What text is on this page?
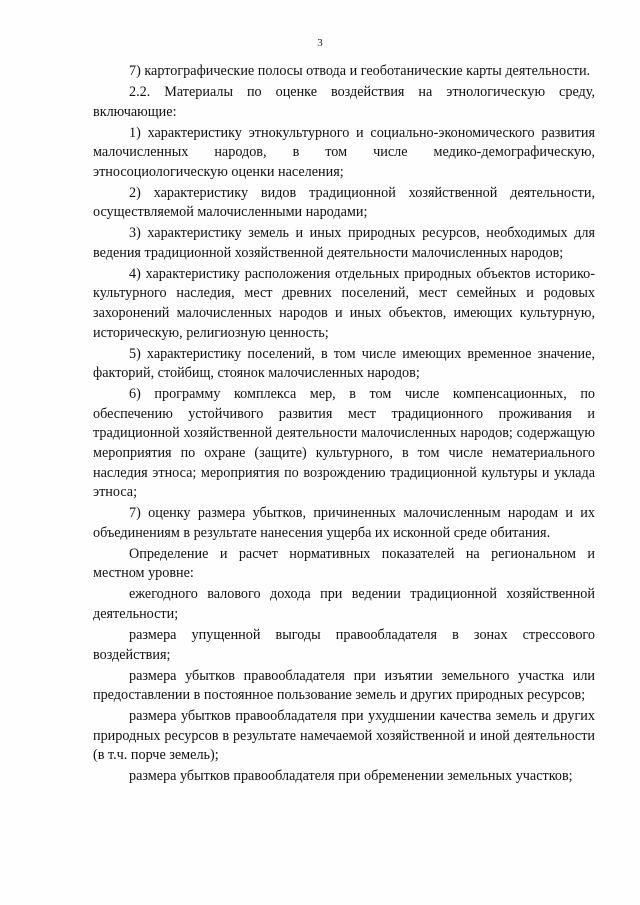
3

7) картографические полосы отвода и геоботанические карты деятельности.

2.2. Материалы по оценке воздействия на этнологическую среду, включающие:

1) характеристику этнокультурного и социально-экономического развития малочисленных народов, в том числе медико-демографическую, этносоциологическую оценки населения;

2) характеристику видов традиционной хозяйственной деятельности, осуществляемой малочисленными народами;

3) характеристику земель и иных природных ресурсов, необходимых для ведения традиционной хозяйственной деятельности малочисленных народов;

4) характеристику расположения отдельных природных объектов историко-культурного наследия, мест древних поселений, мест семейных и родовых захоронений малочисленных народов и иных объектов, имеющих культурную, историческую, религиозную ценность;

5) характеристику поселений, в том числе имеющих временное значение, факторий, стойбищ, стоянок малочисленных народов;

6) программу комплекса мер, в том числе компенсационных, по обеспечению устойчивого развития мест традиционного проживания и традиционной хозяйственной деятельности малочисленных народов; содержащую мероприятия по охране (защите) культурного, в том числе нематериального наследия этноса; мероприятия по возрождению традиционной культуры и уклада этноса;

7) оценку размера убытков, причиненных малочисленным народам и их объединениям в результате нанесения ущерба их исконной среде обитания.

Определение и расчет нормативных показателей на региональном и местном уровне:

ежегодного валового дохода при ведении традиционной хозяйственной деятельности;

размера упущенной выгоды правообладателя в зонах стрессового воздействия;

размера убытков правообладателя при изъятии земельного участка или предоставлении в постоянное пользование земель и других природных ресурсов;

размера убытков правообладателя при ухудшении качества земель и других природных ресурсов в результате намечаемой хозяйственной и иной деятельности (в т.ч. порче земель);

размера убытков правообладателя при обременении земельных участков;
